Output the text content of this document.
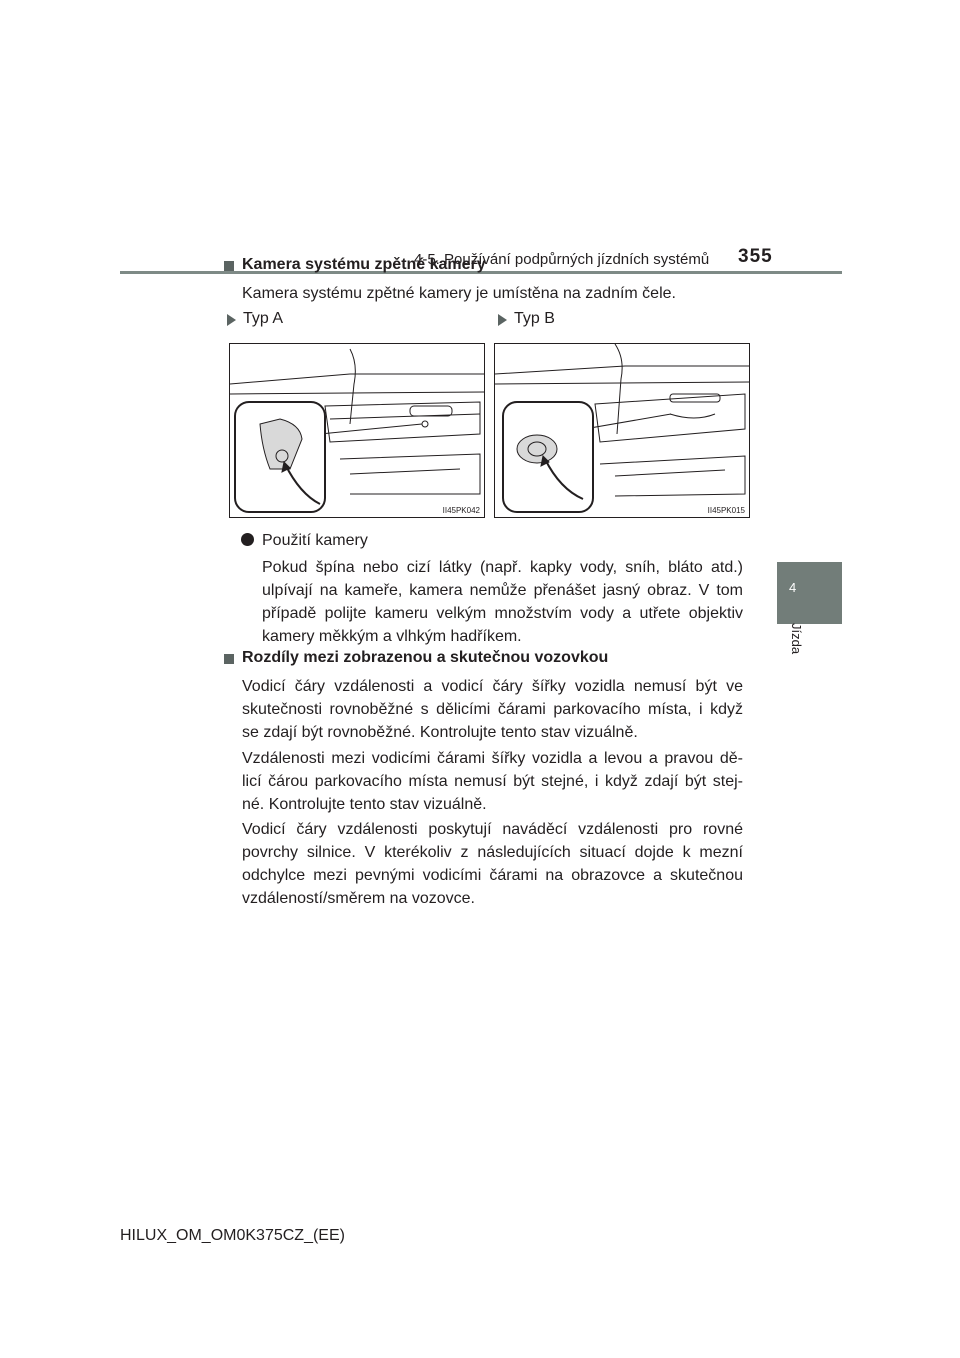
4-5. Používání podpůrných jízdních systémů 355
4
Jízda
Kamera systému zpětné kamery
Kamera systému zpětné kamery je umístěna na zadním čele.
Typ A	Typ B
II45PK042	II45PK015
Použití kamery
Pokud špína nebo cizí látky (např. kapky vody, sníh, bláto atd.)
ulpívají na kameře, kamera nemůže přenášet jasný obraz. V tom
případě polijte kameru velkým množstvím vody a utřete objektiv
kamery měkkým a vlhkým hadříkem.
Rozdíly mezi zobrazenou a skutečnou vozovkou
Vodicí čáry vzdálenosti a vodicí čáry šířky vozidla nemusí být ve
skutečnosti rovnoběžné s dělicími čárami parkovacího místa, i když
se zdají být rovnoběžné. Kontrolujte tento stav vizuálně.
Vzdálenosti mezi vodicími čárami šířky vozidla a levou a pravou dě-
licí čárou parkovacího místa nemusí být stejné, i když zdají být stej-
né. Kontrolujte tento stav vizuálně.
Vodicí čáry vzdálenosti poskytují naváděcí vzdálenosti pro rovné
povrchy silnice. V kterékoliv z následujících situací dojde k mezní
odchylce mezi pevnými vodicími čárami na obrazovce a skutečnou
vzdáleností/směrem na vozovce.
HILUX_OM_OM0K375CZ_(EE)
